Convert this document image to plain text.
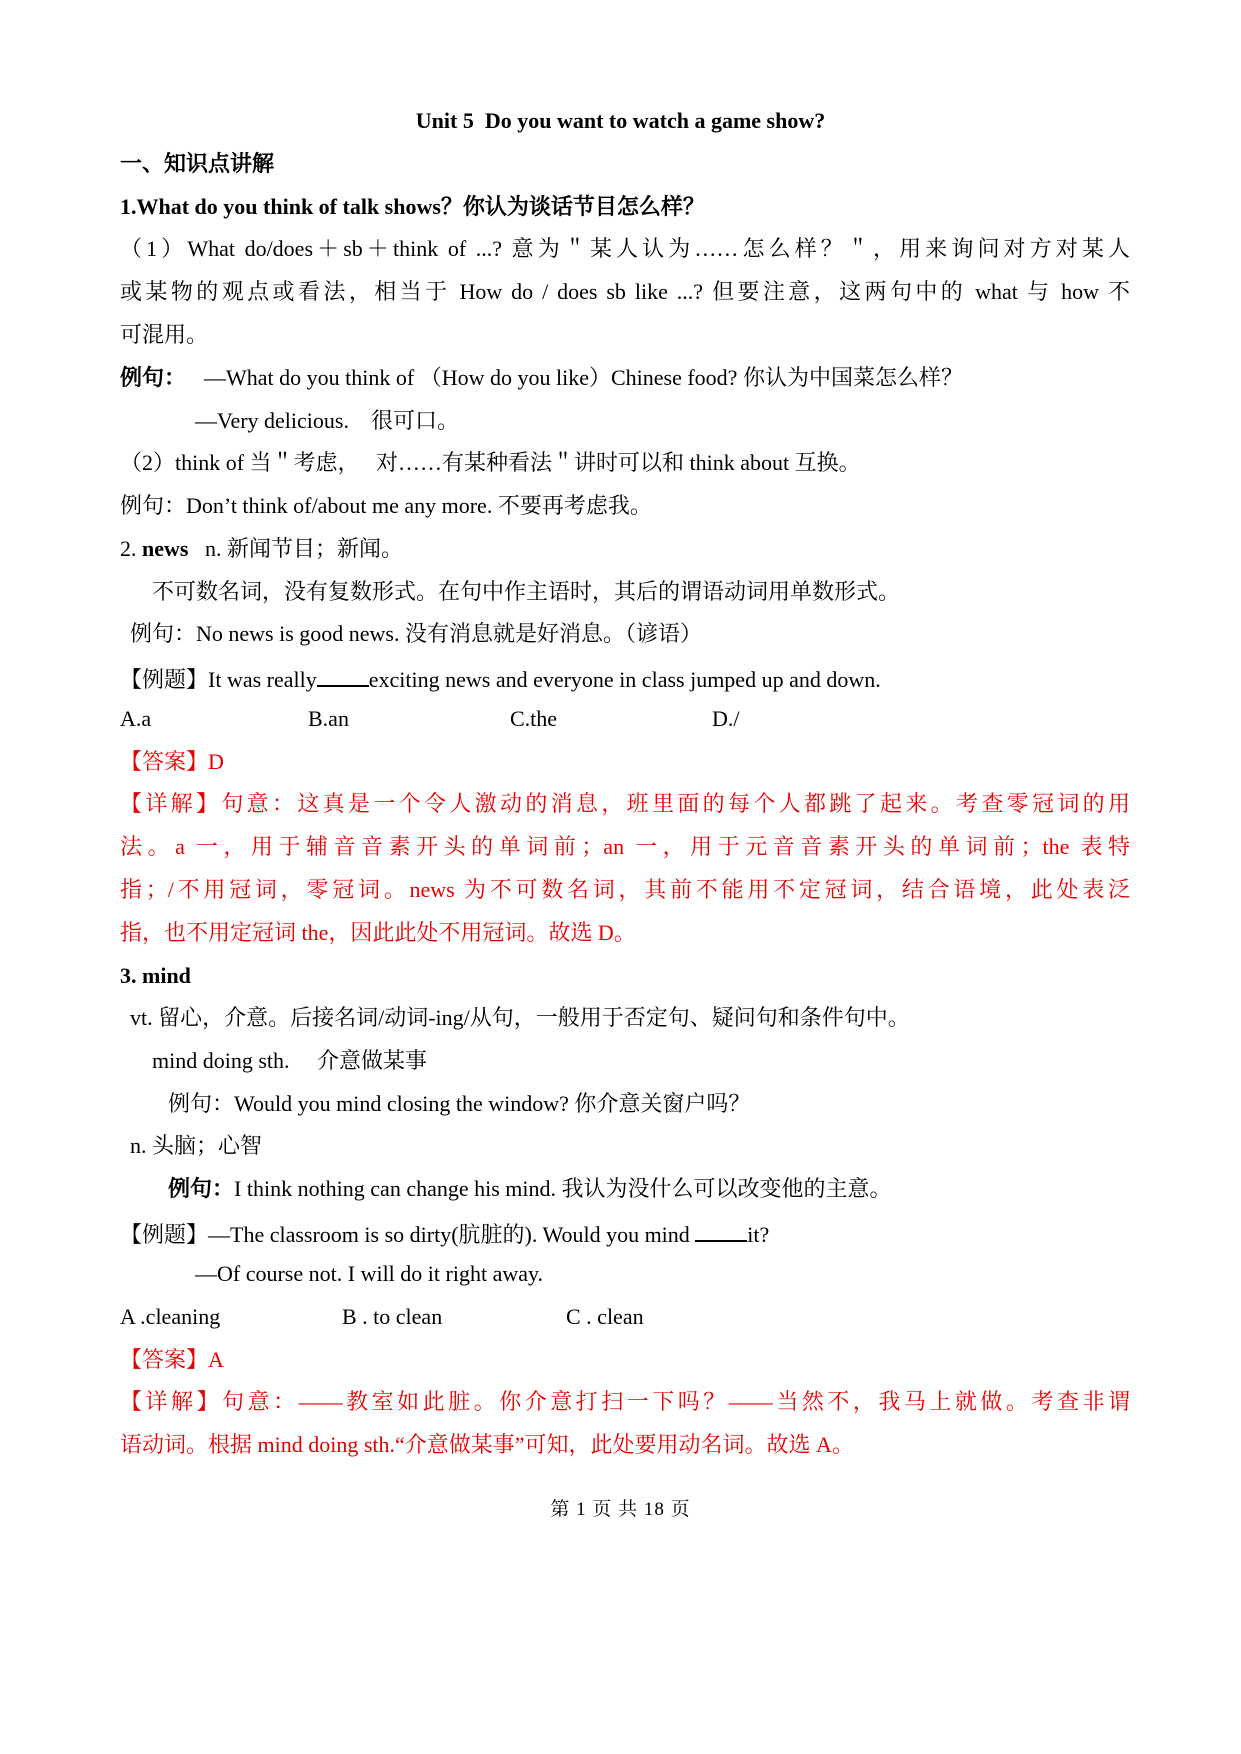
Unit 5  Do you want to watch a game show?
一、知识点讲解
1.What do you think of talk shows？你认为谈话节目怎么样？
（1）What do/does＋sb＋think of ...? 意为＂某人认为……怎么样？＂，用来询问对方对某人
或某物的观点或看法，相当于 How do / does sb like ...? 但要注意，这两句中的 what 与 how 不
可混用。
例句： —What do you think of （How do you like）Chinese food? 你认为中国菜怎么样？
—Very delicious.    很可口。
（2）think of 当＂考虑，   对……有某种看法＂讲时可以和 think about 互换。
例句：Don’t think of/about me any more. 不要再考虑我。
2. news   n. 新闻节目；新闻。
不可数名词，没有复数形式。在句中作主语时，其后的谓语动词用单数形式。
例句：No news is good news. 没有消息就是好消息。（谚语）
【例题】It was really exciting news and everyone in class jumped up and down.

A.a

	B.an

	C.the

	D./

【答案】D
【详解】句意：这真是一个令人激动的消息，班里面的每个人都跳了起来。考查零冠词的用
法。a 一，用于辅音音素开头的单词前；an 一，用于元音音素开头的单词前；the 表特
指；/不用冠词，零冠词。news 为不可数名词，其前不能用不定冠词，结合语境，此处表泛
指，也不用定冠词 the，因此此处不用冠词。故选 D。
3. mind
vt. 留心，介意。后接名词/动词-ing/从句，一般用于否定句、疑问句和条件句中。
mind doing sth.     介意做某事
例句：Would you mind closing the window? 你介意关窗户吗？
n. 头脑；心智
例句：I think nothing can change his mind. 我认为没什么可以改变他的主意。
【例题】—The classroom is so dirty(肮脏的). Would you mind it?
—Of course not. I will do it right away.

A .cleaning

	B . to clean

	C . clean

【答案】A
【详解】句意：——教室如此脏。你介意打扫一下吗？——当然不，我马上就做。考查非谓
语动词。根据 mind doing sth.“介意做某事”可知，此处要用动名词。故选 A。
第 1 页 共 18 页
